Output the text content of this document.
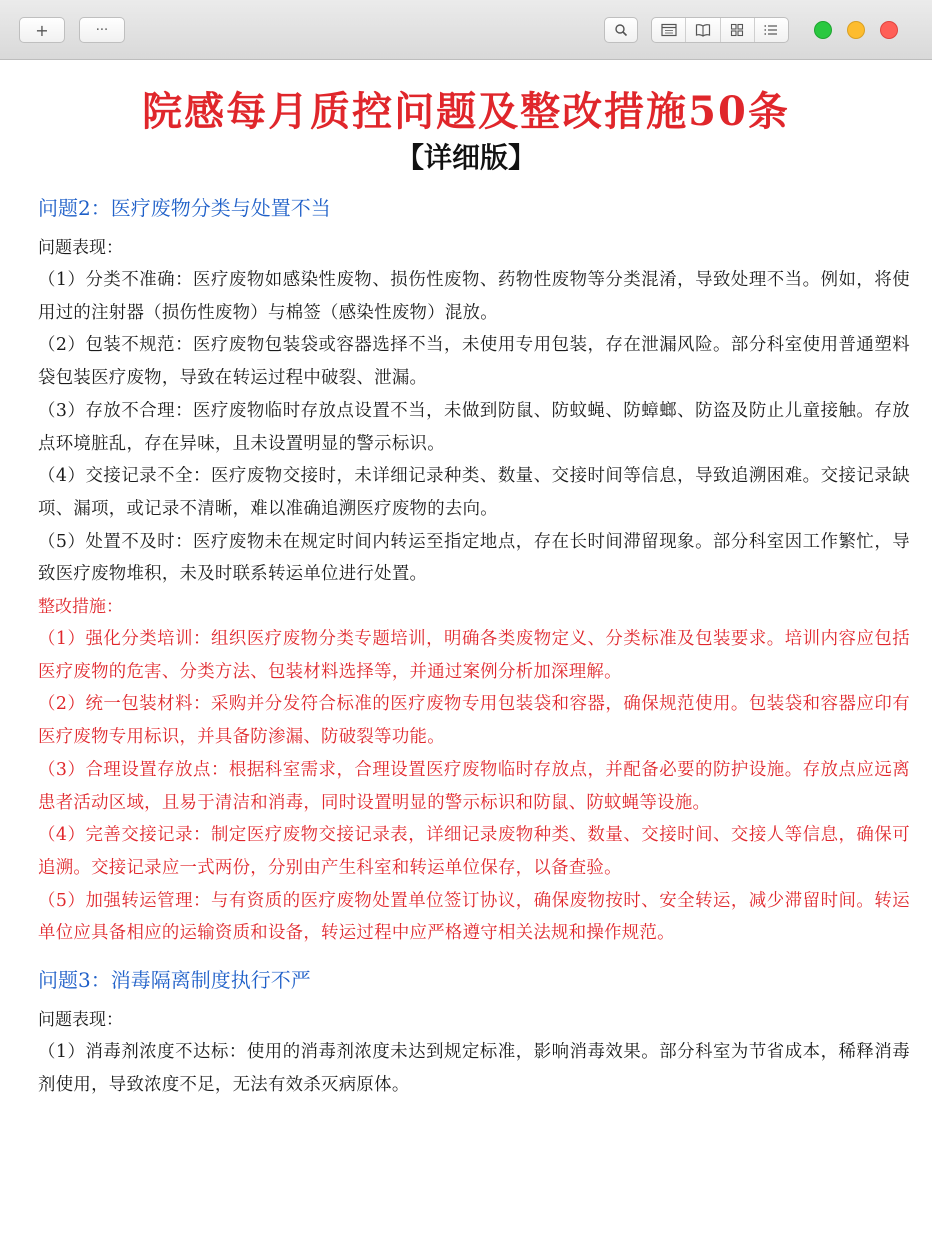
+	···
院感每月质控问题及整改措施50条
【详细版】
问题2：医疗废物分类与处置不当
问题表现：
（1）分类不准确：医疗废物如感染性废物、损伤性废物、药物性废物等分类混淆，导致处理不当。例如，将使用过的注射器（损伤性废物）与棉签（感染性废物）混放。
（2）包装不规范：医疗废物包装袋或容器选择不当，未使用专用包装，存在泄漏风险。部分科室使用普通塑料袋包装医疗废物，导致在转运过程中破裂、泄漏。
（3）存放不合理：医疗废物临时存放点设置不当，未做到防鼠、防蚊蝇、防蟑螂、防盗及防止儿童接触。存放点环境脏乱，存在异味，且未设置明显的警示标识。
（4）交接记录不全：医疗废物交接时，未详细记录种类、数量、交接时间等信息，导致追溯困难。交接记录缺项、漏项，或记录不清晰，难以准确追溯医疗废物的去向。
（5）处置不及时：医疗废物未在规定时间内转运至指定地点，存在长时间滞留现象。部分科室因工作繁忙，导致医疗废物堆积，未及时联系转运单位进行处置。
整改措施：
（1）强化分类培训：组织医疗废物分类专题培训，明确各类废物定义、分类标准及包装要求。培训内容应包括医疗废物的危害、分类方法、包装材料选择等，并通过案例分析加深理解。
（2）统一包装材料：采购并分发符合标准的医疗废物专用包装袋和容器，确保规范使用。包装袋和容器应印有医疗废物专用标识，并具备防渗漏、防破裂等功能。
（3）合理设置存放点：根据科室需求，合理设置医疗废物临时存放点，并配备必要的防护设施。存放点应远离患者活动区域，且易于清洁和消毒，同时设置明显的警示标识和防鼠、防蚊蝇等设施。
（4）完善交接记录：制定医疗废物交接记录表，详细记录废物种类、数量、交接时间、交接人等信息，确保可追溯。交接记录应一式两份，分别由产生科室和转运单位保存，以备查验。
（5）加强转运管理：与有资质的医疗废物处置单位签订协议，确保废物按时、安全转运，减少滞留时间。转运单位应具备相应的运输资质和设备，转运过程中应严格遵守相关法规和操作规范。
问题3：消毒隔离制度执行不严
问题表现：
（1）消毒剂浓度不达标：使用的消毒剂浓度未达到规定标准，影响消毒效果。部分科室为节省成本，稀释消毒剂使用，导致浓度不足，无法有效杀灭病原体。
